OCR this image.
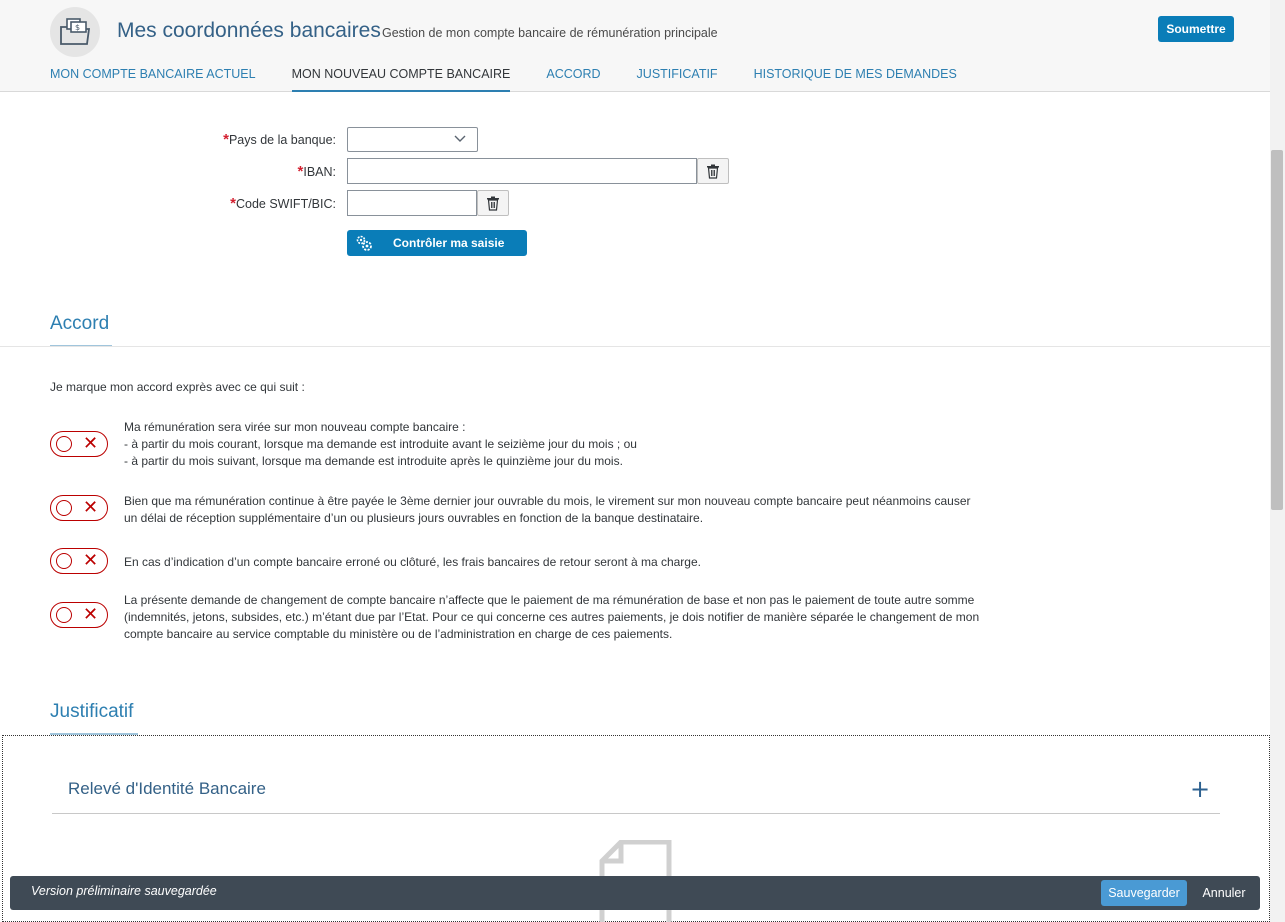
$ Mes coordonnées bancaires Gestion de mon compte bancaire de rémunération principale	Soumettre
MON COMPTE BANCAIRE ACTUEL	MON NOUVEAU COMPTE BANCAIRE	ACCORD	JUSTIFICATIF	HISTORIQUE DE MES DEMANDES
*Pays de la banque:
*IBAN:
*Code SWIFT/BIC:
Contrôler ma saisie
Accord
Je marque mon accord exprès avec ce qui suit :
✕
Ma rémunération sera virée sur mon nouveau compte bancaire :
- à partir du mois courant, lorsque ma demande est introduite avant le seizième jour du mois ; ou
- à partir du mois suivant, lorsque ma demande est introduite après le quinzième jour du mois.
✕ Bien que ma rémunération continue à être payée le 3ème dernier jour ouvrable du mois, le virement sur mon nouveau compte bancaire peut néanmoins causer
un délai de réception supplémentaire d’un ou plusieurs jours ouvrables en fonction de la banque destinataire.
✕ En cas d’indication d’un compte bancaire erroné ou clôturé, les frais bancaires de retour seront à ma charge.
✕
La présente demande de changement de compte bancaire n’affecte que le paiement de ma rémunération de base et non pas le paiement de toute autre somme
(indemnités, jetons, subsides, etc.) m’étant due par l’Etat. Pour ce qui concerne ces autres paiements, je dois notifier de manière séparée le changement de mon
compte bancaire au service comptable du ministère ou de l’administration en charge de ces paiements.
Justificatif
Relevé d'Identité Bancaire	+
Version préliminaire sauvegardée	Sauvegarder	Annuler
